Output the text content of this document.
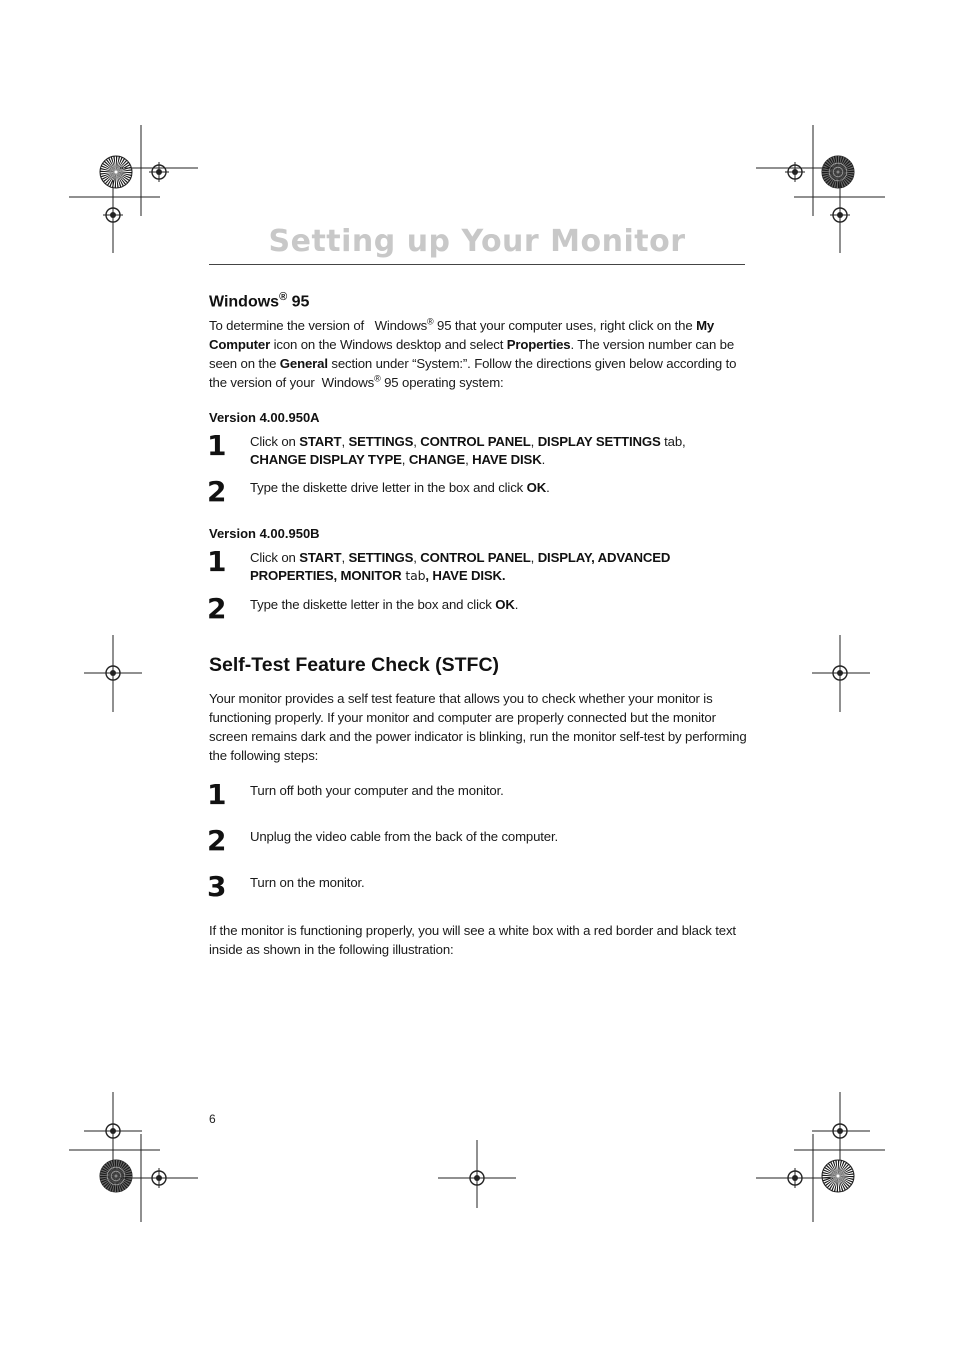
Setting up Your Monitor
Windows® 95

To determine the version of Windows® 95 that your computer uses, right click on the My Computer icon on the Windows desktop and select Properties. The version number can be seen on the General section under “System:”. Follow the directions given below according to the version of your Windows® 95 operating system:

Version 4.00.950A
1	Click on START, SETTINGS, CONTROL PANEL, DISPLAY SETTINGS tab,
CHANGE DISPLAY TYPE, CHANGE, HAVE DISK.

2	Type the diskette drive letter in the box and click OK.

Version 4.00.950B
1	Click on START, SETTINGS, CONTROL PANEL, DISPLAY, ADVANCED PROPERTIES, MONITOR tab, HAVE DISK.

2	Type the diskette letter in the box and click OK.

Self-Test Feature Check (STFC)

Your monitor provides a self test feature that allows you to check whether your monitor is functioning properly. If your monitor and computer are properly connected but the monitor screen remains dark and the power indicator is blinking, run the monitor self-test by performing the following steps:

1	Turn off both your computer and the monitor.

2	Unplug the video cable from the back of the computer.

3	Turn on the monitor.

If the monitor is functioning properly, you will see a white box with a red border and black text inside as shown in the following illustration:

6
